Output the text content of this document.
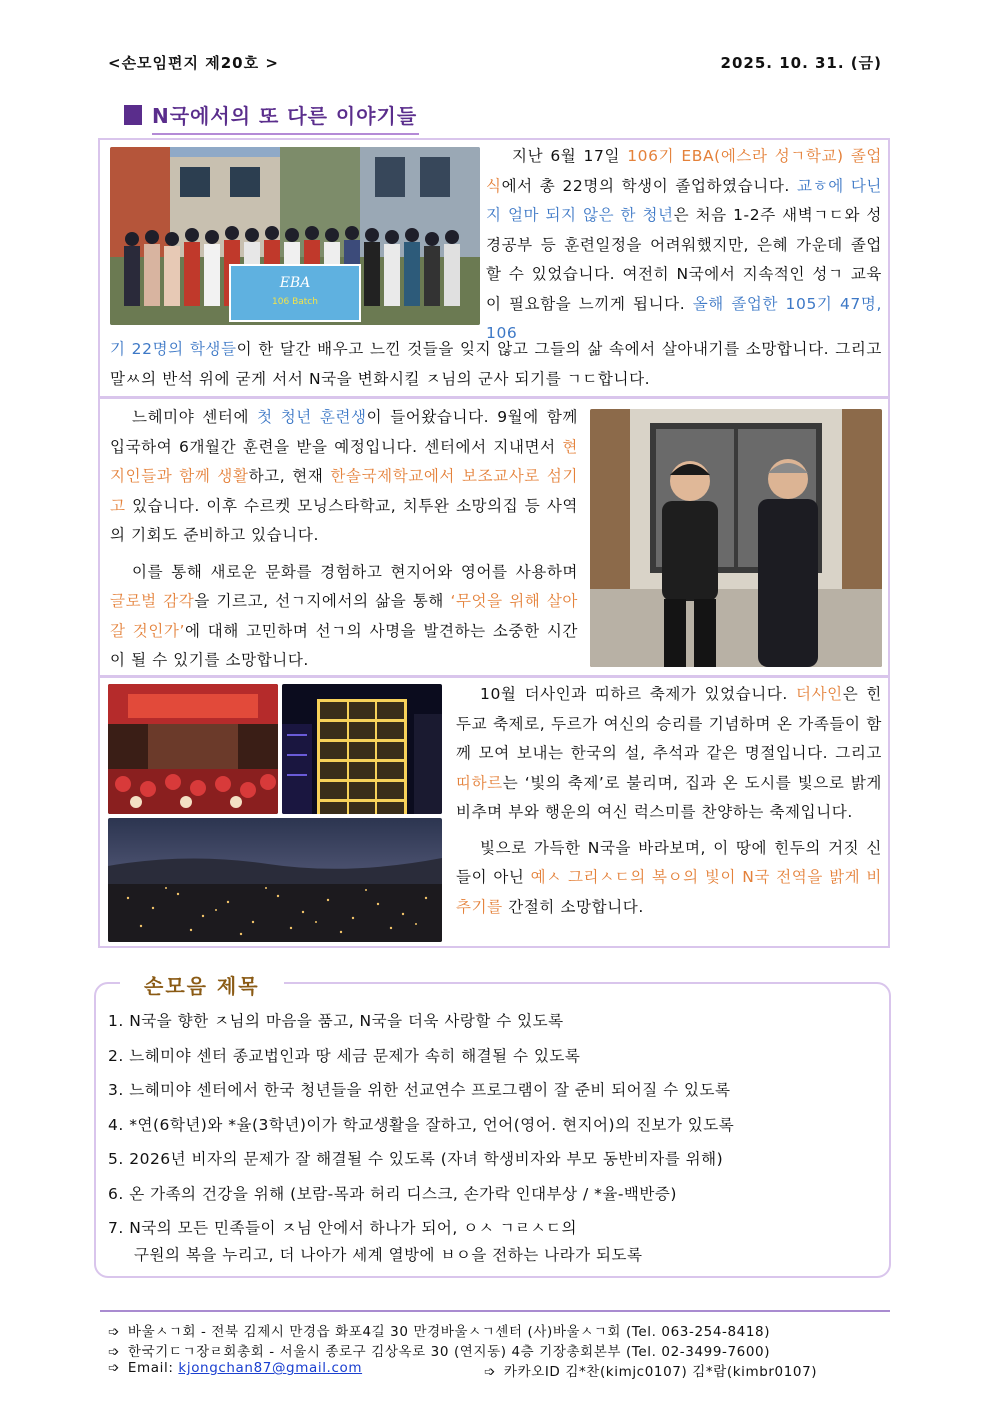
<손모임편지 제20호 >	2025. 10. 31. (금)
N국에서의 또 다른 이야기들
EBA
106 Batch
지난 6월 17일 106기 EBA(에스라 성ㄱ학교) 졸업식에서 총 22명의 학생이 졸업하였습니다. 교ㅎ에 다닌지 얼마 되지 않은 한 청년은 처음 1-2주 새벽ㄱㄷ와 성경공부 등 훈련일정을 어려워했지만, 은혜 가운데 졸업할 수 있었습니다. 여전히 N국에서 지속적인 성ㄱ 교육이 필요함을 느끼게 됩니다. 올해 졸업한 105기 47명, 106
기 22명의 학생들이 한 달간 배우고 느낀 것들을 잊지 않고 그들의 삶 속에서 살아내기를 소망합니다. 그리고 말ㅆ의 반석 위에 굳게 서서 N국을 변화시킬 ㅈ님의 군사 되기를 ㄱㄷ합니다.
느헤미야 센터에 첫 청년 훈련생이 들어왔습니다. 9월에 함께 입국하여 6개월간 훈련을 받을 예정입니다. 센터에서 지내면서 현지인들과 함께 생활하고, 현재 한솔국제학교에서 보조교사로 섬기고 있습니다. 이후 수르켓 모닝스타학교, 치투완 소망의집 등 사역의 기회도 준비하고 있습니다.
이를 통해 새로운 문화를 경험하고 현지어와 영어를 사용하며 글로벌 감각을 기르고, 선ㄱ지에서의 삶을 통해 ‘무엇을 위해 살아갈 것인가’에 대해 고민하며 선ㄱ의 사명을 발견하는 소중한 시간이 될 수 있기를 소망합니다.
10월 더사인과 띠하르 축제가 있었습니다. 더사인은 힌두교 축제로, 두르가 여신의 승리를 기념하며 온 가족들이 함께 모여 보내는 한국의 설, 추석과 같은 명절입니다. 그리고 띠하르는 ‘빛의 축제’로 불리며, 집과 온 도시를 빛으로 밝게 비추며 부와 행운의 여신 럭스미를 찬양하는 축제입니다.
빛으로 가득한 N국을 바라보며, 이 땅에 힌두의 거짓 신들이 아닌 예ㅅ 그리ㅅㄷ의 복ㅇ의 빛이 N국 전역을 밝게 비추기를 간절히 소망합니다.
손모음 제목
1. N국을 향한 ㅈ님의 마음을 품고, N국을 더욱 사랑할 수 있도록
2. 느헤미야 센터 종교법인과 땅 세금 문제가 속히 해결될 수 있도록
3. 느헤미야 센터에서 한국 청년들을 위한 선교연수 프로그램이 잘 준비 되어질 수 있도록
4. *연(6학년)와 *율(3학년)이가 학교생활을 잘하고, 언어(영어. 현지어)의 진보가 있도록
5. 2026년 비자의 문제가 잘 해결될 수 있도록 (자녀 학생비자와 부모 동반비자를 위해)
6. 온 가족의 건강을 위해 (보람-목과 허리 디스크, 손가락 인대부상 / *율-백반증)
7. N국의 모든 민족들이 ㅈ님 안에서 하나가 되어, ㅇㅅ ㄱㄹㅅㄷ의
구원의 복을 누리고, 더 나아가 세계 열방에 ㅂㅇ을 전하는 나라가 되도록
➩ 바울ㅅㄱ회 - 전북 김제시 만경읍 화포4길 30 만경바울ㅅㄱ센터 (사)바울ㅅㄱ회 (Tel. 063-254-8418)
➩ 한국기ㄷㄱ장ㄹ회총회 - 서울시 종로구 김상옥로 30 (연지동) 4층 기장총회본부 (Tel. 02-3499-7600)
➩ Email: kjongchan87@gmail.com	➩ 카카오ID 김*찬(kimjc0107) 김*람(kimbr0107)
